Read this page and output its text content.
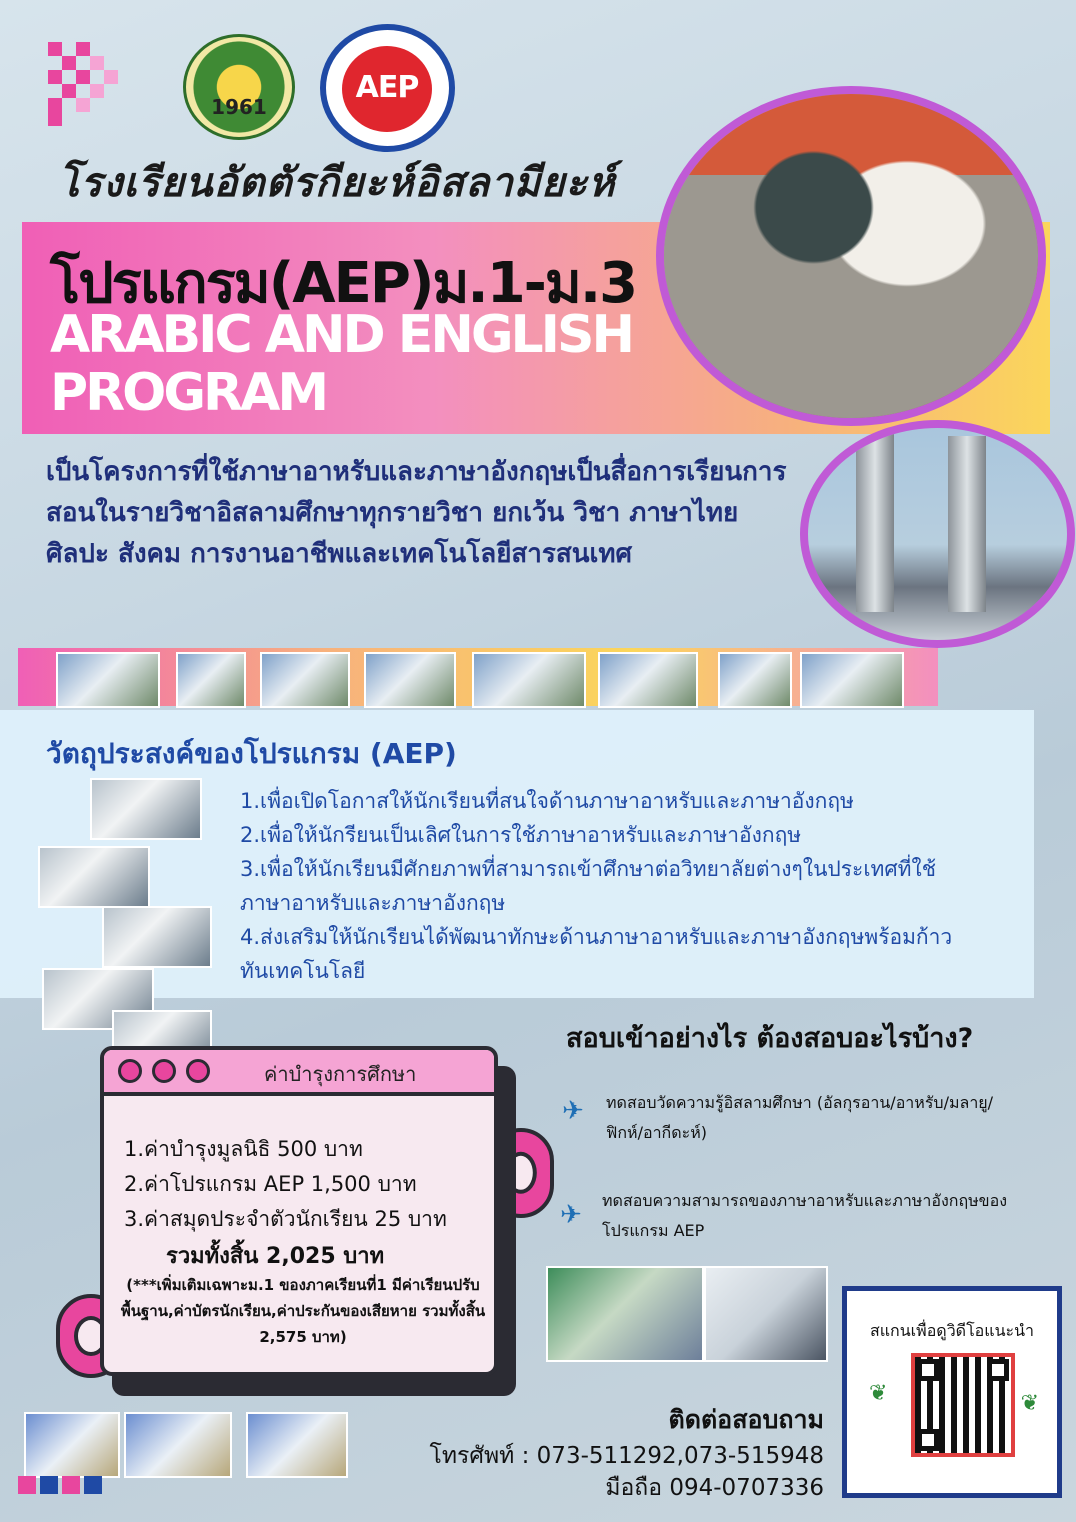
1961
AEP
โรงเรียนอัตตัรกียะห์อิสลามียะห์
โปรแกรม(AEP)ม.1-ม.3
ARABIC AND ENGLISH PROGRAM
เป็นโครงการที่ใช้ภาษาอาหรับและภาษาอังกฤษเป็นสื่อการเรียนการสอนในรายวิชาอิสลามศึกษาทุกรายวิชา ยกเว้น วิชา ภาษาไทย ศิลปะ สังคม การงานอาชีพและเทคโนโลยีสารสนเทศ
วัตถุประสงค์ของโปรแกรม (AEP)

1.เพื่อเปิดโอกาสให้นักเรียนที่สนใจด้านภาษาอาหรับและภาษาอังกฤษ

2.เพื่อให้นักรียนเป็นเลิศในการใช้ภาษาอาหรับและภาษาอังกฤษ

3.เพื่อให้นักเรียนมีศักยภาพที่สามารถเข้าศึกษาต่อวิทยาลัยต่างๆในประเทศที่ใช้ภาษาอาหรับและภาษาอังกฤษ

4.ส่งเสริมให้นักเรียนได้พัฒนาทักษะด้านภาษาอาหรับและภาษาอังกฤษพร้อมก้าวทันเทคโนโลยี

ค่าบำรุงการศึกษา

1.ค่าบำรุงมูลนิธิ 500 บาท

2.ค่าโปรแกรม AEP 1,500 บาท

3.ค่าสมุดประจำตัวนักเรียน 25 บาท

รวมทั้งสิ้น 2,025 บาท
(***เพิ่มเติมเฉพาะม.1 ของภาคเรียนที่1 มีค่าเรียนปรับพื้นฐาน,ค่าบัตรนักเรียน,ค่าประกันของเสียหาย รวมทั้งสิ้น 2,575 บาท)
สอบเข้าอย่างไร ต้องสอบอะไรบ้าง?
✈ ทดสอบวัดความรู้อิสลามศึกษา (อัลกุรอาน/อาหรับ/มลายู/ฟิกห์/อากีดะห์)
✈ ทดสอบความสามารถของภาษาอาหรับและภาษาอังกฤษของโปรแกรม AEP
ติดต่อสอบถาม
โทรศัพท์ : 073-511292,073-515948
มือถือ 094-0707336
สแกนเพื่อดูวิดีโอแนะนำ
❦	❦
